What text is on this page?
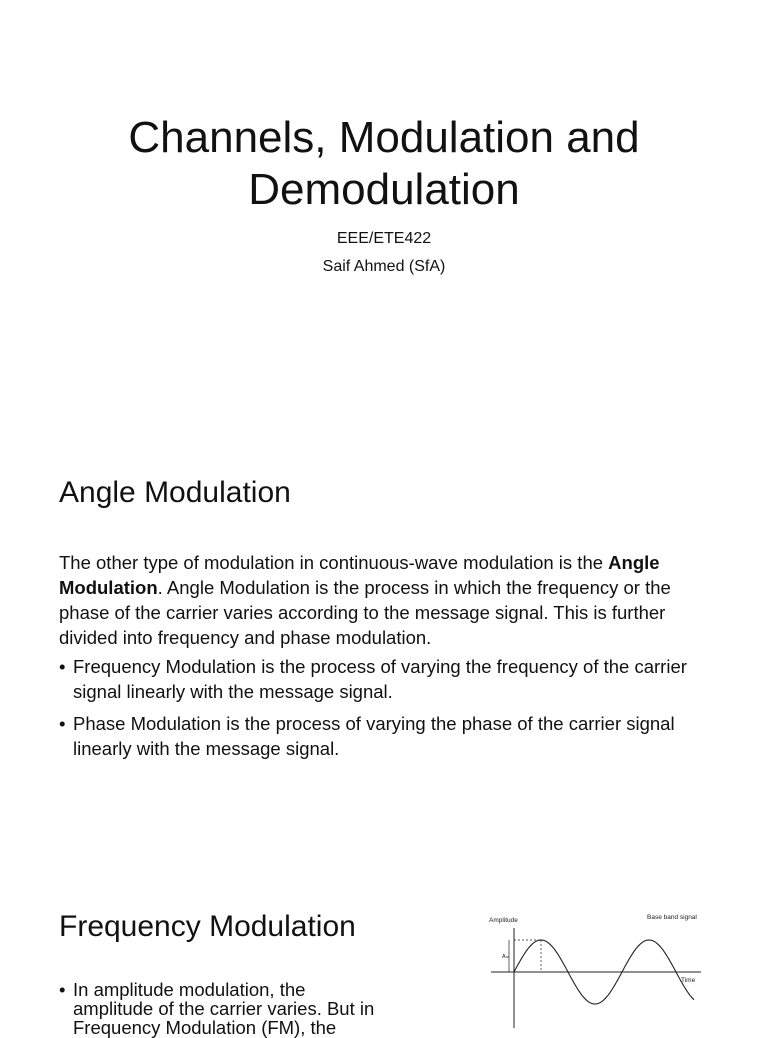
Channels, Modulation and
Demodulation
EEE/ETE422
Saif Ahmed (SfA)
Angle Modulation
The other type of modulation in continuous-wave modulation is the Angle Modulation. Angle Modulation is the process in which the frequency or the phase of the carrier varies according to the message signal. This is further divided into frequency and phase modulation.
• Frequency Modulation is the process of varying the frequency of the carrier signal linearly with the message signal.
• Phase Modulation is the process of varying the phase of the carrier signal linearly with the message signal.
Frequency Modulation
• In amplitude modulation, the amplitude of the carrier varies. But in Frequency Modulation (FM), the
Amplitude	Base band signal
Time
Aₘ
